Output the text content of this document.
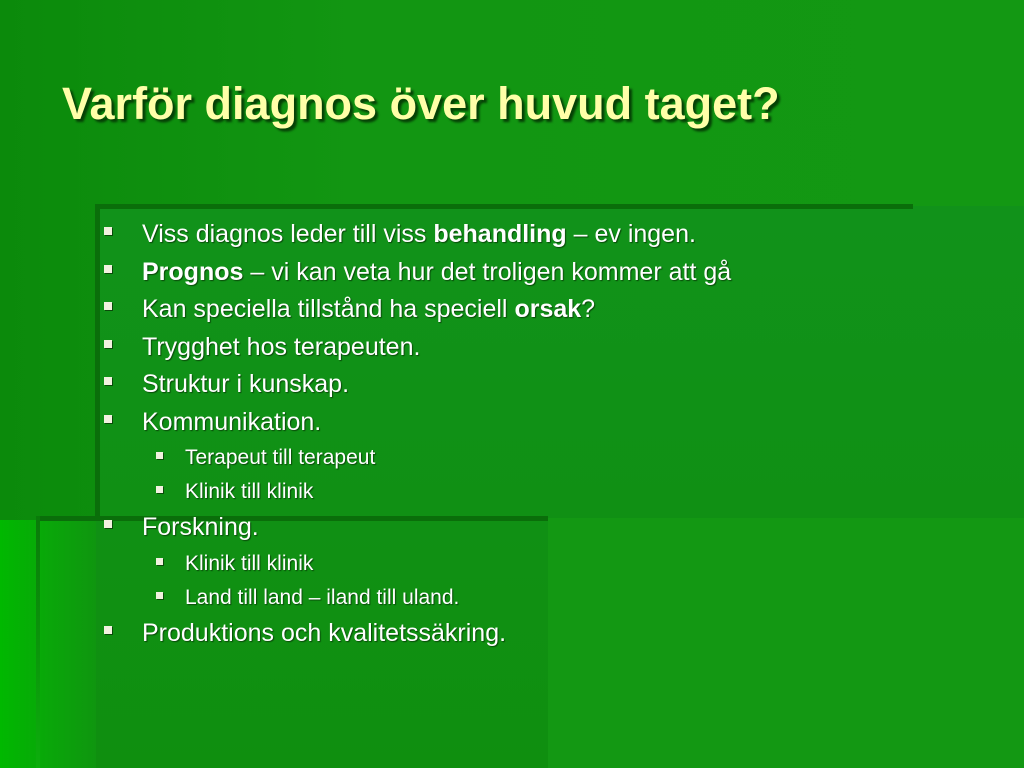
Varför diagnos över huvud taget?
Viss diagnos leder till viss behandling – ev ingen.
Prognos – vi kan veta hur det troligen kommer att gå
Kan speciella tillstånd ha speciell orsak?
Trygghet hos terapeuten.
Struktur i kunskap.
Kommunikation.
Terapeut till terapeut
Klinik till klinik
Forskning.
Klinik till klinik
Land till land – iland till uland.
Produktions och kvalitetssäkring.
